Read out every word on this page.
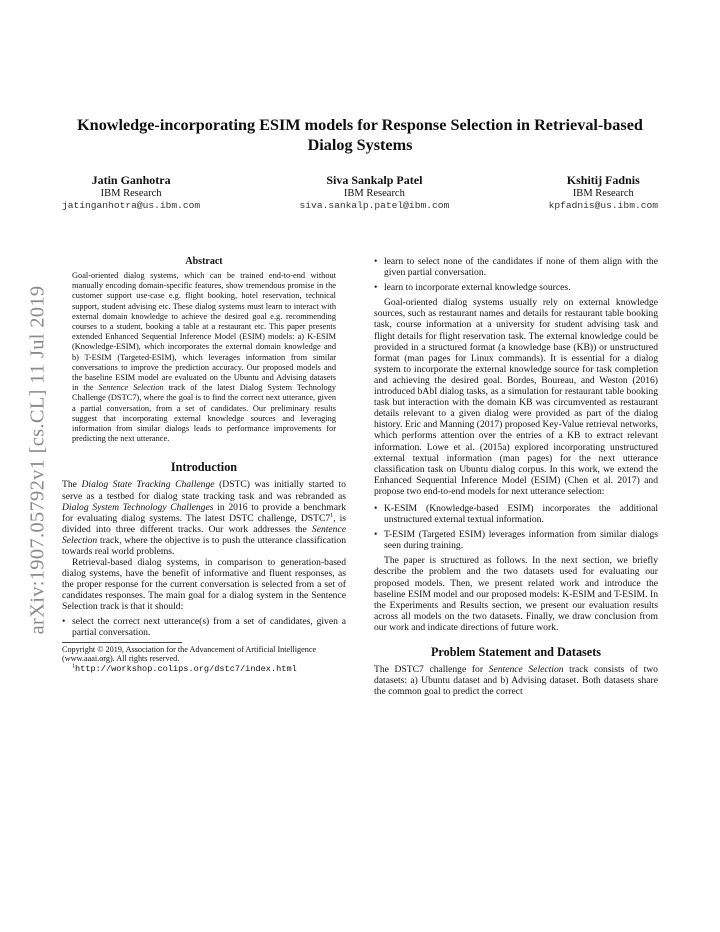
arXiv:1907.05792v1 [cs.CL] 11 Jul 2019
Knowledge-incorporating ESIM models for Response Selection in Retrieval-based Dialog Systems
Jatin Ganhotra
IBM Research
jatinganhotra@us.ibm.com
Siva Sankalp Patel
IBM Research
siva.sankalp.patel@ibm.com
Kshitij Fadnis
IBM Research
kpfadnis@us.ibm.com
Abstract

Goal-oriented dialog systems, which can be trained end-to-end without manually encoding domain-specific features, show tremendous promise in the customer support use-case e.g. flight booking, hotel reservation, technical support, student advising etc. These dialog systems must learn to interact with external domain knowledge to achieve the desired goal e.g. recommending courses to a student, booking a table at a restaurant etc. This paper presents extended Enhanced Sequential Inference Model (ESIM) models: a) K-ESIM (Knowledge-ESIM), which incorporates the external domain knowledge and b) T-ESIM (Targeted-ESIM), which leverages information from similar conversations to improve the prediction accuracy. Our proposed models and the baseline ESIM model are evaluated on the Ubuntu and Advising datasets in the Sentence Selection track of the latest Dialog System Technology Challenge (DSTC7), where the goal is to find the correct next utterance, given a partial conversation, from a set of candidates. Our preliminary results suggest that incorporating external knowledge sources and leveraging information from similar dialogs leads to performance improvements for predicting the next utterance.

Introduction

The Dialog State Tracking Challenge (DSTC) was initially started to serve as a testbed for dialog state tracking task and was rebranded as Dialog System Technology Challenges in 2016 to provide a benchmark for evaluating dialog systems. The latest DSTC challenge, $DSTC7^1$, is divided into three different tracks. Our work addresses the Sentence Selection track, where the objective is to push the utterance classification towards real world problems.

Retrieval-based dialog systems, in comparison to generation-based dialog systems, have the benefit of informative and fluent responses, as the proper response for the current conversation is selected from a set of candidates responses. The main goal for a dialog system in the Sentence Selection track is that it should:

• select the correct next utterance(s) from a set of candidates, given a partial conversation.
Copyright © 2019, Association for the Advancement of Artificial Intelligence (www.aaai.org). All rights reserved.
$^1$http://workshop.colips.org/dstc7/index.html
• learn to select none of the candidates if none of them align with the given partial conversation.
• learn to incorporate external knowledge sources.

Goal-oriented dialog systems usually rely on external knowledge sources, such as restaurant names and details for restaurant table booking task, course information at a university for student advising task and flight details for flight reservation task. The external knowledge could be provided in a structured format (a knowledge base (KB)) or unstructured format (man pages for Linux commands). It is essential for a dialog system to incorporate the external knowledge source for task completion and achieving the desired goal. Bordes, Boureau, and Weston (2016) introduced bAbI dialog tasks, as a simulation for restaurant table booking task but interaction with the domain KB was circumvented as restaurant details relevant to a given dialog were provided as part of the dialog history. Eric and Manning (2017) proposed Key-Value retrieval networks, which performs attention over the entries of a KB to extract relevant information. Lowe et al. (2015a) explored incorporating unstructured external textual information (man pages) for the next utterance classification task on Ubuntu dialog corpus. In this work, we extend the Enhanced Sequential Inference Model (ESIM) (Chen et al. 2017) and propose two end-to-end models for next utterance selection:

• K-ESIM (Knowledge-based ESIM) incorporates the additional unstructured external textual information.
• T-ESIM (Targeted ESIM) leverages information from similar dialogs seen during training.

The paper is structured as follows. In the next section, we briefly describe the problem and the two datasets used for evaluating our proposed models. Then, we present related work and introduce the baseline ESIM model and our proposed models: K-ESIM and T-ESIM. In the Experiments and Results section, we present our evaluation results across all models on the two datasets. Finally, we draw conclusion from our work and indicate directions of future work.

Problem Statement and Datasets

The DSTC7 challenge for Sentence Selection track consists of two datasets: a) Ubuntu dataset and b) Advising dataset. Both datasets share the common goal to predict the correct
